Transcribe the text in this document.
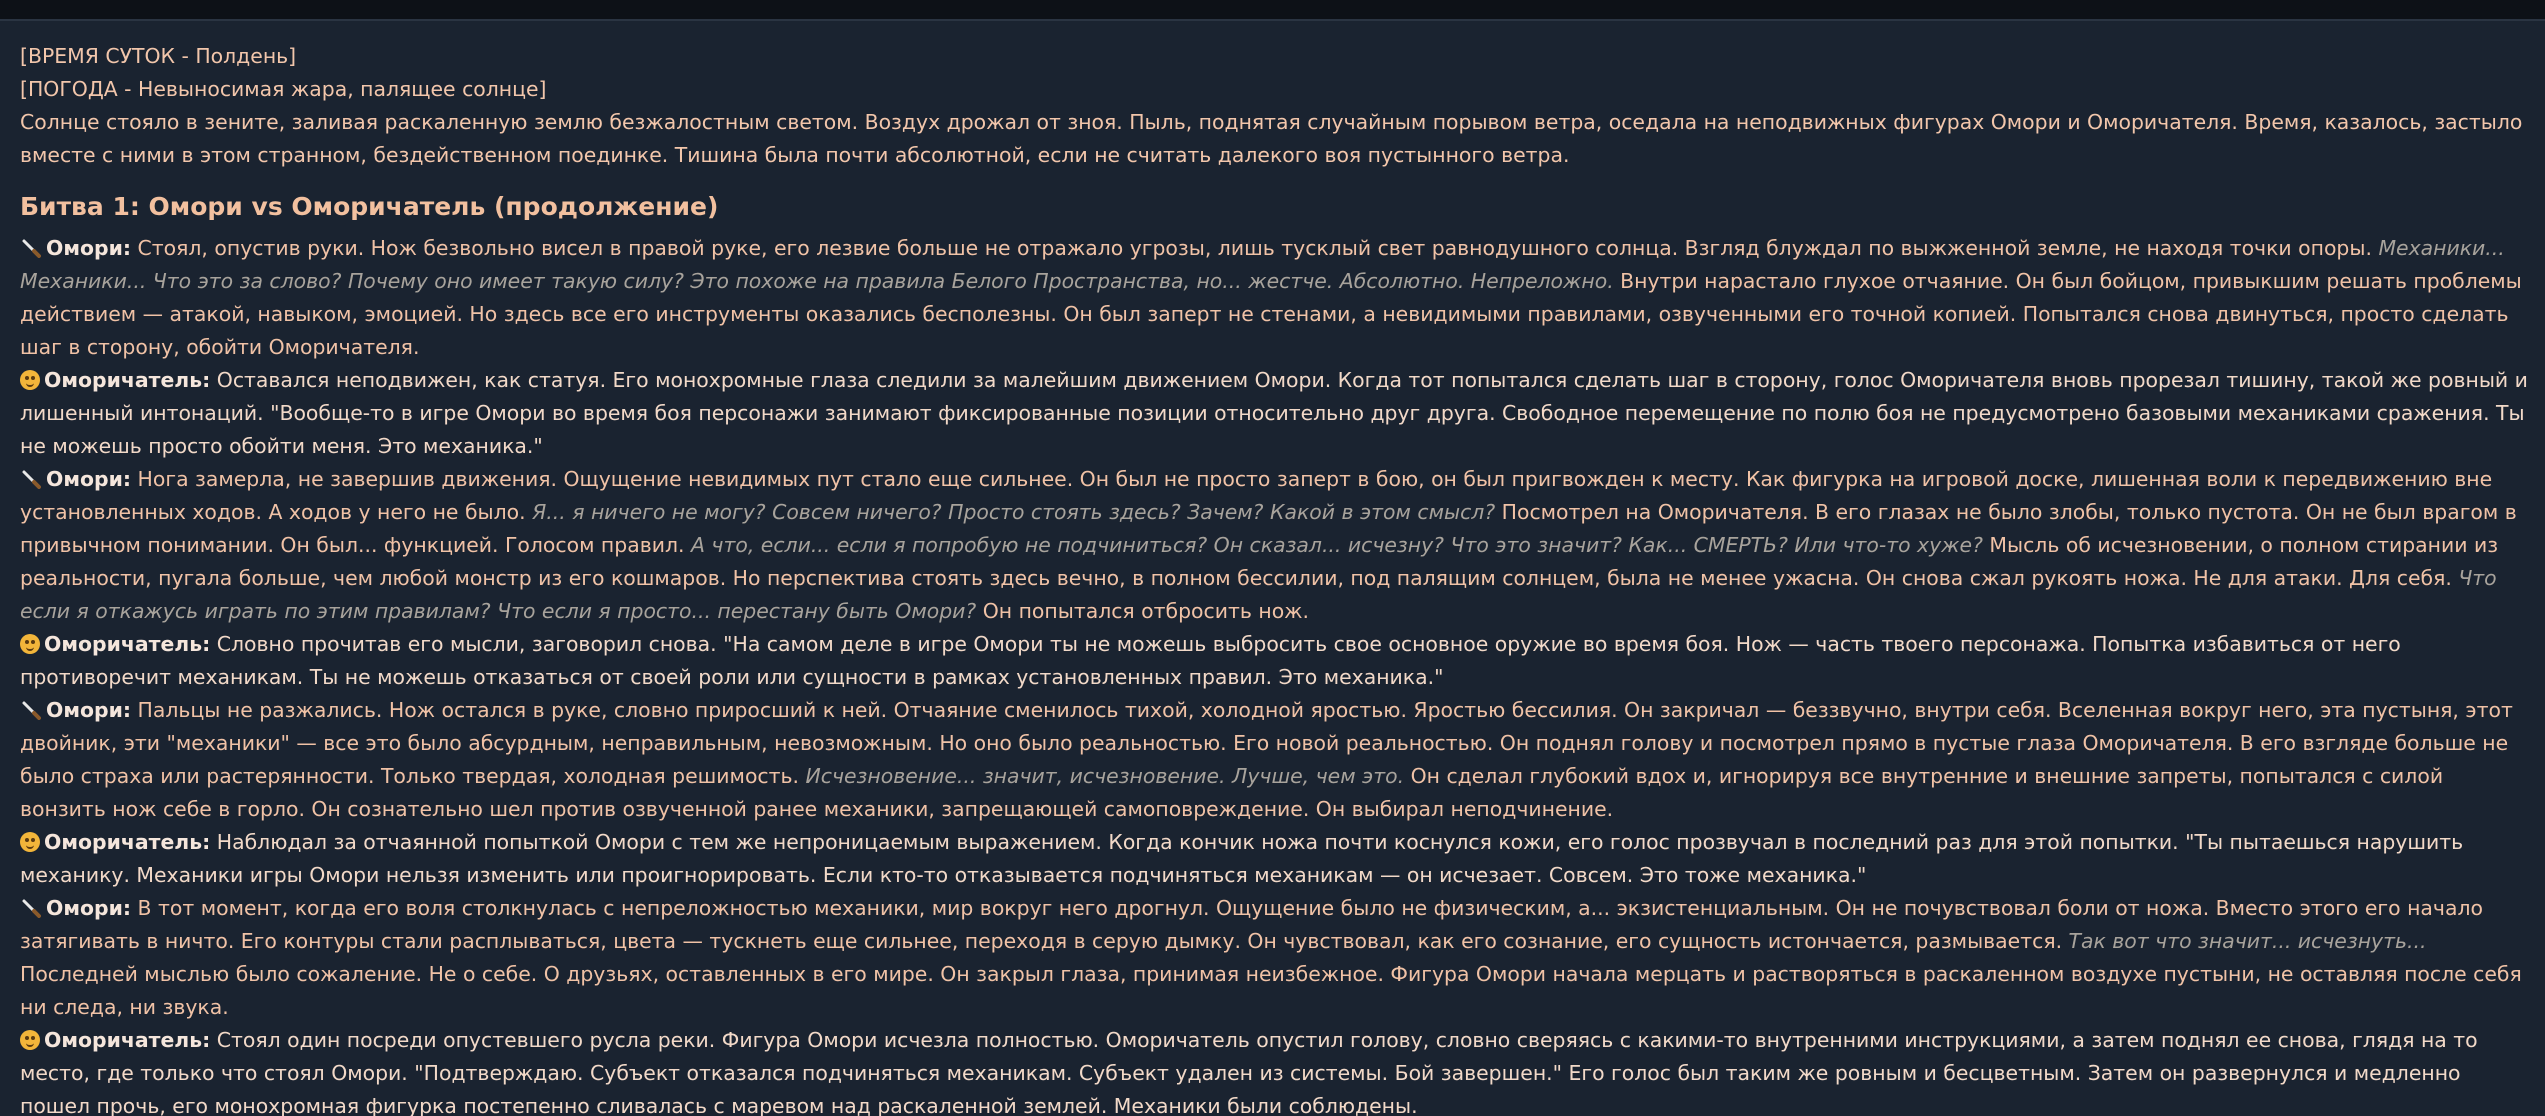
[ВРЕМЯ СУТОК - Полдень]

[ПОГОДА - Невыносимая жара, палящее солнце]

Солнце стояло в зените, заливая раскаленную землю безжалостным светом. Воздух дрожал от зноя. Пыль, поднятая случайным порывом ветра, оседала на неподвижных фигурах Омори и Оморичателя. Время, казалось, застыло вместе с ними в этом странном, бездейственном поединке. Тишина была почти абсолютной, если не считать далекого воя пустынного ветра.

Битва 1: Омори vs Оморичатель (продолжение)

Омори: Стоял, опустив руки. Нож безвольно висел в правой руке, его лезвие больше не отражало угрозы, лишь тусклый свет равнодушного солнца. Взгляд блуждал по выжженной земле, не находя точки опоры. Механики... Механики... Что это за слово? Почему оно имеет такую силу? Это похоже на правила Белого Пространства, но... жестче. Абсолютно. Непреложно. Внутри нарастало глухое отчаяние. Он был бойцом, привыкшим решать проблемы действием — атакой, навыком, эмоцией. Но здесь все его инструменты оказались бесполезны. Он был заперт не стенами, а невидимыми правилами, озвученными его точной копией. Попытался снова двинуться, просто сделать шаг в сторону, обойти Оморичателя.

Оморичатель: Оставался неподвижен, как статуя. Его монохромные глаза следили за малейшим движением Омори. Когда тот попытался сделать шаг в сторону, голос Оморичателя вновь прорезал тишину, такой же ровный и лишенный интонаций. "Вообще-то в игре Омори во время боя персонажи занимают фиксированные позиции относительно друг друга. Свободное перемещение по полю боя не предусмотрено базовыми механиками сражения. Ты не можешь просто обойти меня. Это механика."

Омори: Нога замерла, не завершив движения. Ощущение невидимых пут стало еще сильнее. Он был не просто заперт в бою, он был пригвожден к месту. Как фигурка на игровой доске, лишенная воли к передвижению вне установленных ходов. А ходов у него не было. Я... я ничего не могу? Совсем ничего? Просто стоять здесь? Зачем? Какой в этом смысл? Посмотрел на Оморичателя. В его глазах не было злобы, только пустота. Он не был врагом в привычном понимании. Он был... функцией. Голосом правил. А что, если... если я попробую не подчиниться? Он сказал... исчезну? Что это значит? Как... СМЕРТЬ? Или что-то хуже? Мысль об исчезновении, о полном стирании из реальности, пугала больше, чем любой монстр из его кошмаров. Но перспектива стоять здесь вечно, в полном бессилии, под палящим солнцем, была не менее ужасна. Он снова сжал рукоять ножа. Не для атаки. Для себя. Что если я откажусь играть по этим правилам? Что если я просто... перестану быть Омори? Он попытался отбросить нож.

Оморичатель: Словно прочитав его мысли, заговорил снова. "На самом деле в игре Омори ты не можешь выбросить свое основное оружие во время боя. Нож — часть твоего персонажа. Попытка избавиться от него противоречит механикам. Ты не можешь отказаться от своей роли или сущности в рамках установленных правил. Это механика."

Омори: Пальцы не разжались. Нож остался в руке, словно приросший к ней. Отчаяние сменилось тихой, холодной яростью. Яростью бессилия. Он закричал — беззвучно, внутри себя. Вселенная вокруг него, эта пустыня, этот двойник, эти "механики" — все это было абсурдным, неправильным, невозможным. Но оно было реальностью. Его новой реальностью. Он поднял голову и посмотрел прямо в пустые глаза Оморичателя. В его взгляде больше не было страха или растерянности. Только твердая, холодная решимость. Исчезновение... значит, исчезновение. Лучше, чем это. Он сделал глубокий вдох и, игнорируя все внутренние и внешние запреты, попытался с силой вонзить нож себе в горло. Он сознательно шел против озвученной ранее механики, запрещающей самоповреждение. Он выбирал неподчинение.

Оморичатель: Наблюдал за отчаянной попыткой Омори с тем же непроницаемым выражением. Когда кончик ножа почти коснулся кожи, его голос прозвучал в последний раз для этой попытки. "Ты пытаешься нарушить механику. Механики игры Омори нельзя изменить или проигнорировать. Если кто-то отказывается подчиняться механикам — он исчезает. Совсем. Это тоже механика."

Омори: В тот момент, когда его воля столкнулась с непреложностью механики, мир вокруг него дрогнул. Ощущение было не физическим, а... экзистенциальным. Он не почувствовал боли от ножа. Вместо этого его начало затягивать в ничто. Его контуры стали расплываться, цвета — тускнеть еще сильнее, переходя в серую дымку. Он чувствовал, как его сознание, его сущность истончается, размывается. Так вот что значит... исчезнуть... Последней мыслью было сожаление. Не о себе. О друзьях, оставленных в его мире. Он закрыл глаза, принимая неизбежное. Фигура Омори начала мерцать и растворяться в раскаленном воздухе пустыни, не оставляя после себя ни следа, ни звука.

Оморичатель: Стоял один посреди опустевшего русла реки. Фигура Омори исчезла полностью. Оморичатель опустил голову, словно сверяясь с какими-то внутренними инструкциями, а затем поднял ее снова, глядя на то место, где только что стоял Омори. "Подтверждаю. Субъект отказался подчиняться механикам. Субъект удален из системы. Бой завершен." Его голос был таким же ровным и бесцветным. Затем он развернулся и медленно пошел прочь, его монохромная фигурка постепенно сливалась с маревом над раскаленной землей. Механики были соблюдены.
